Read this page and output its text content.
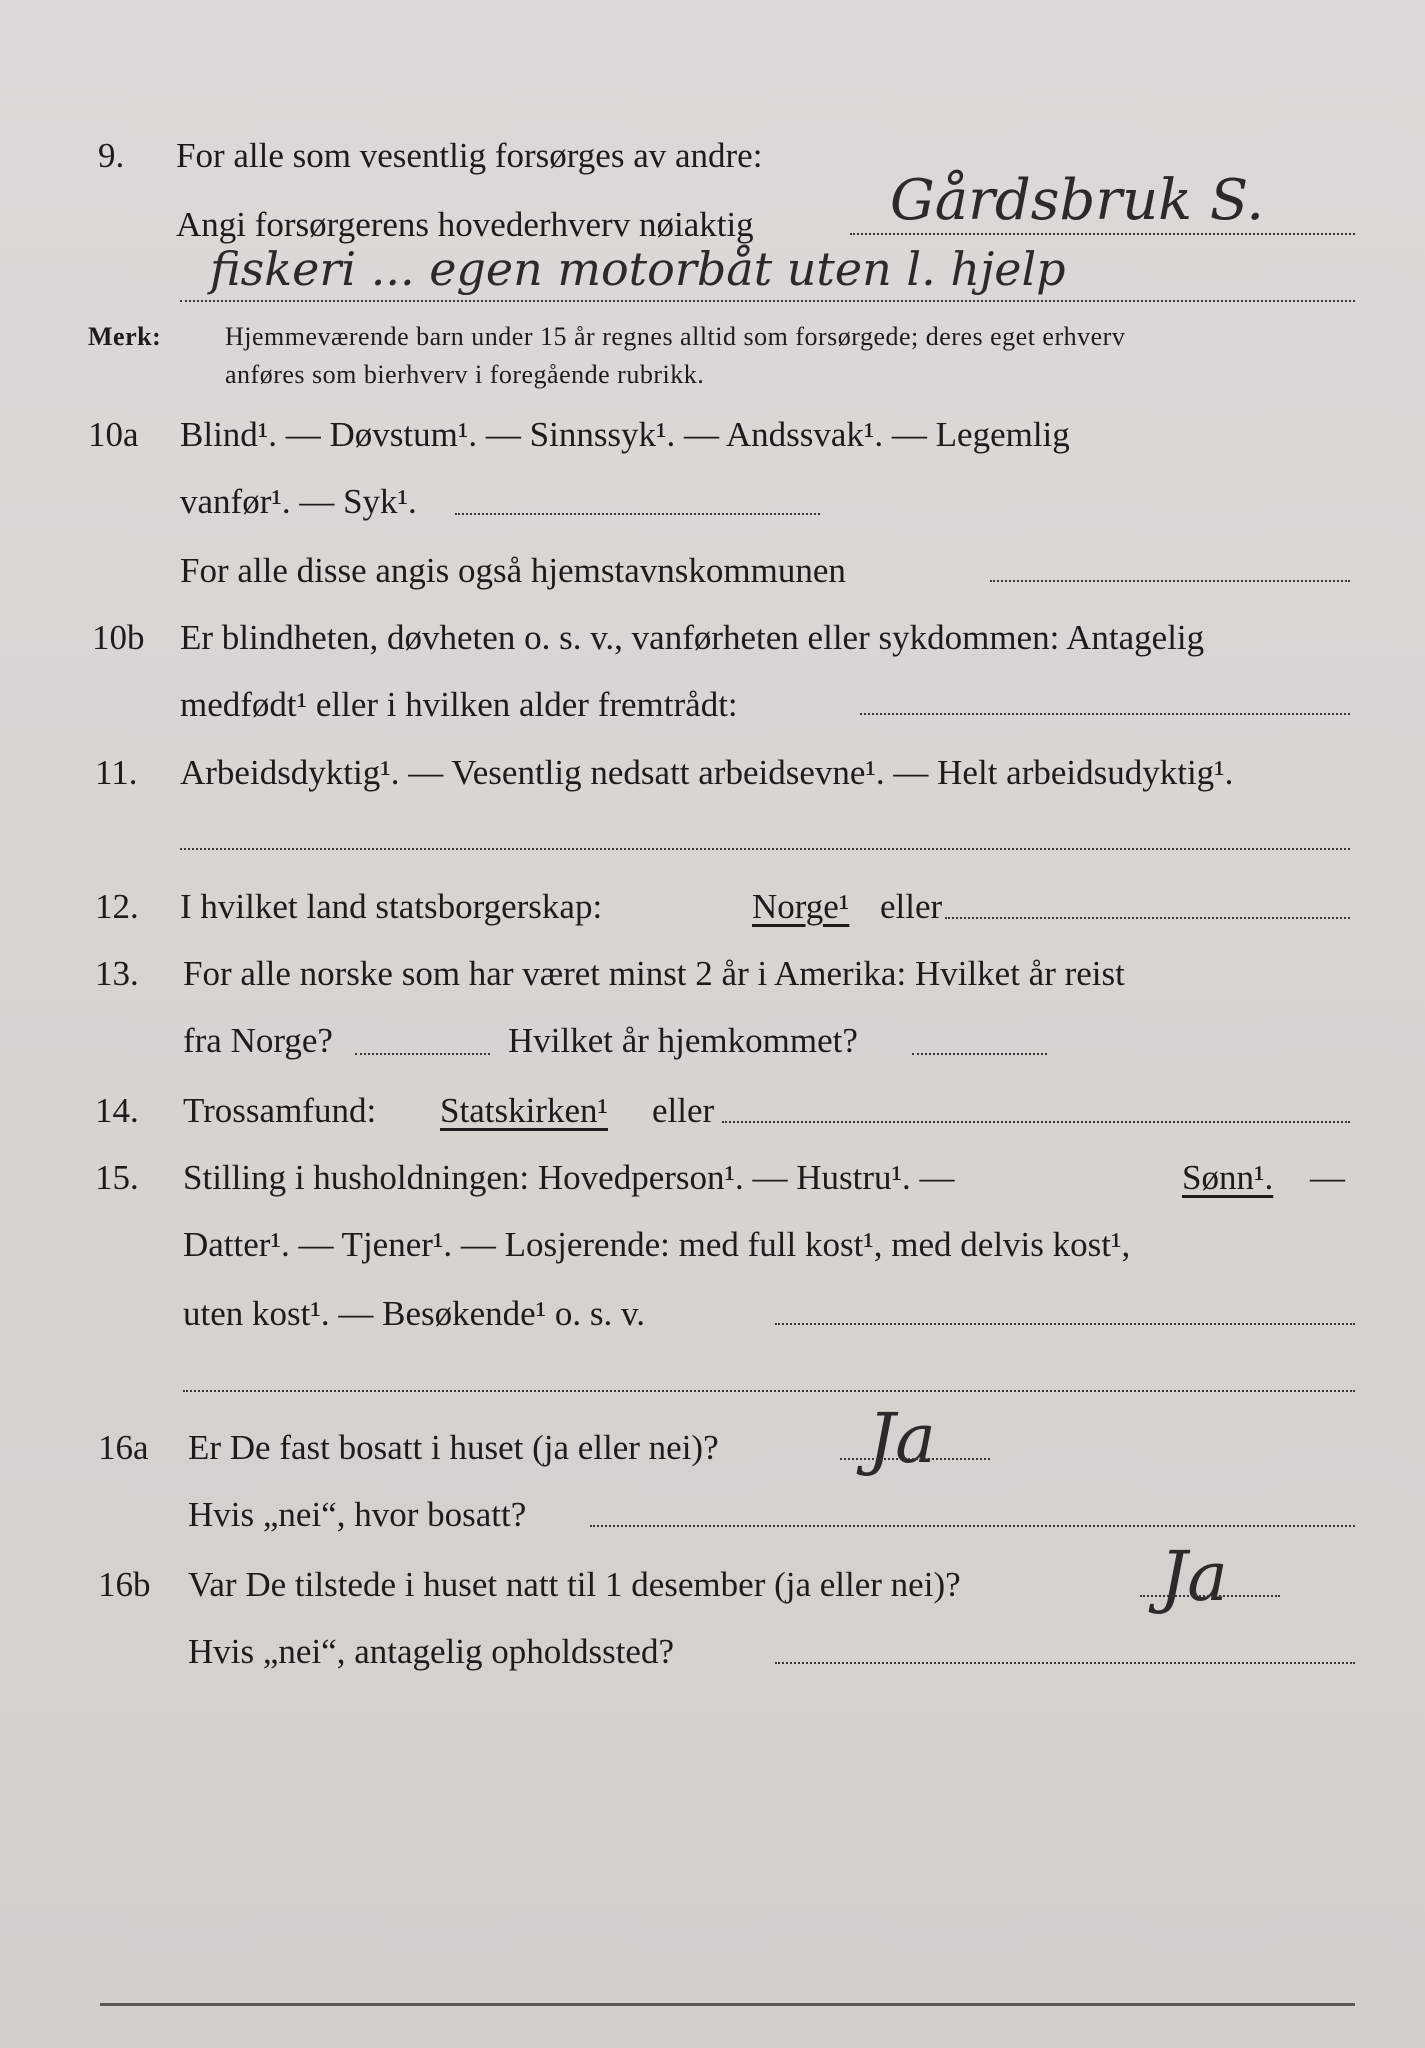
9. For alle som vesentlig forsørges av andre:
Angi forsørgerens hovederhverv nøiaktig Gårdsbruk S.
fiskeri ... egen motorbåt uten l. hjelp
Merk: Hjemmeværende barn under 15 år regnes alltid som forsørgede; deres eget erhverv
anføres som bierhverv i foregående rubrikk.
10a Blind¹. — Døvstum¹. — Sinnssyk¹. — Andssvak¹. — Legemlig
vanfør¹. — Syk¹.
For alle disse angis også hjemstavnskommunen
10b Er blindheten, døvheten o. s. v., vanførheten eller sykdommen: Antagelig
medfødt¹ eller i hvilken alder fremtrådt:
11. Arbeidsdyktig¹. — Vesentlig nedsatt arbeidsevne¹. — Helt arbeidsudyktig¹.
12. I hvilket land statsborgerskap:	Norge¹ eller
13. For alle norske som har været minst 2 år i Amerika: Hvilket år reist
fra Norge?	Hvilket år hjemkommet?
14. Trossamfund: Statskirken¹ eller
15. Stilling i husholdningen: Hovedperson¹. — Hustru¹. —	Sønn¹. —
Datter¹. — Tjener¹. — Losjerende: med full kost¹, med delvis kost¹,
uten kost¹. — Besøkende¹ o. s. v.
16a Er De fast bosatt i huset (ja eller nei)? Ja
Hvis „nei“, hvor bosatt?
16b Var De tilstede i huset natt til 1 desember (ja eller nei)?	Ja
Hvis „nei“, antagelig opholdssted?
